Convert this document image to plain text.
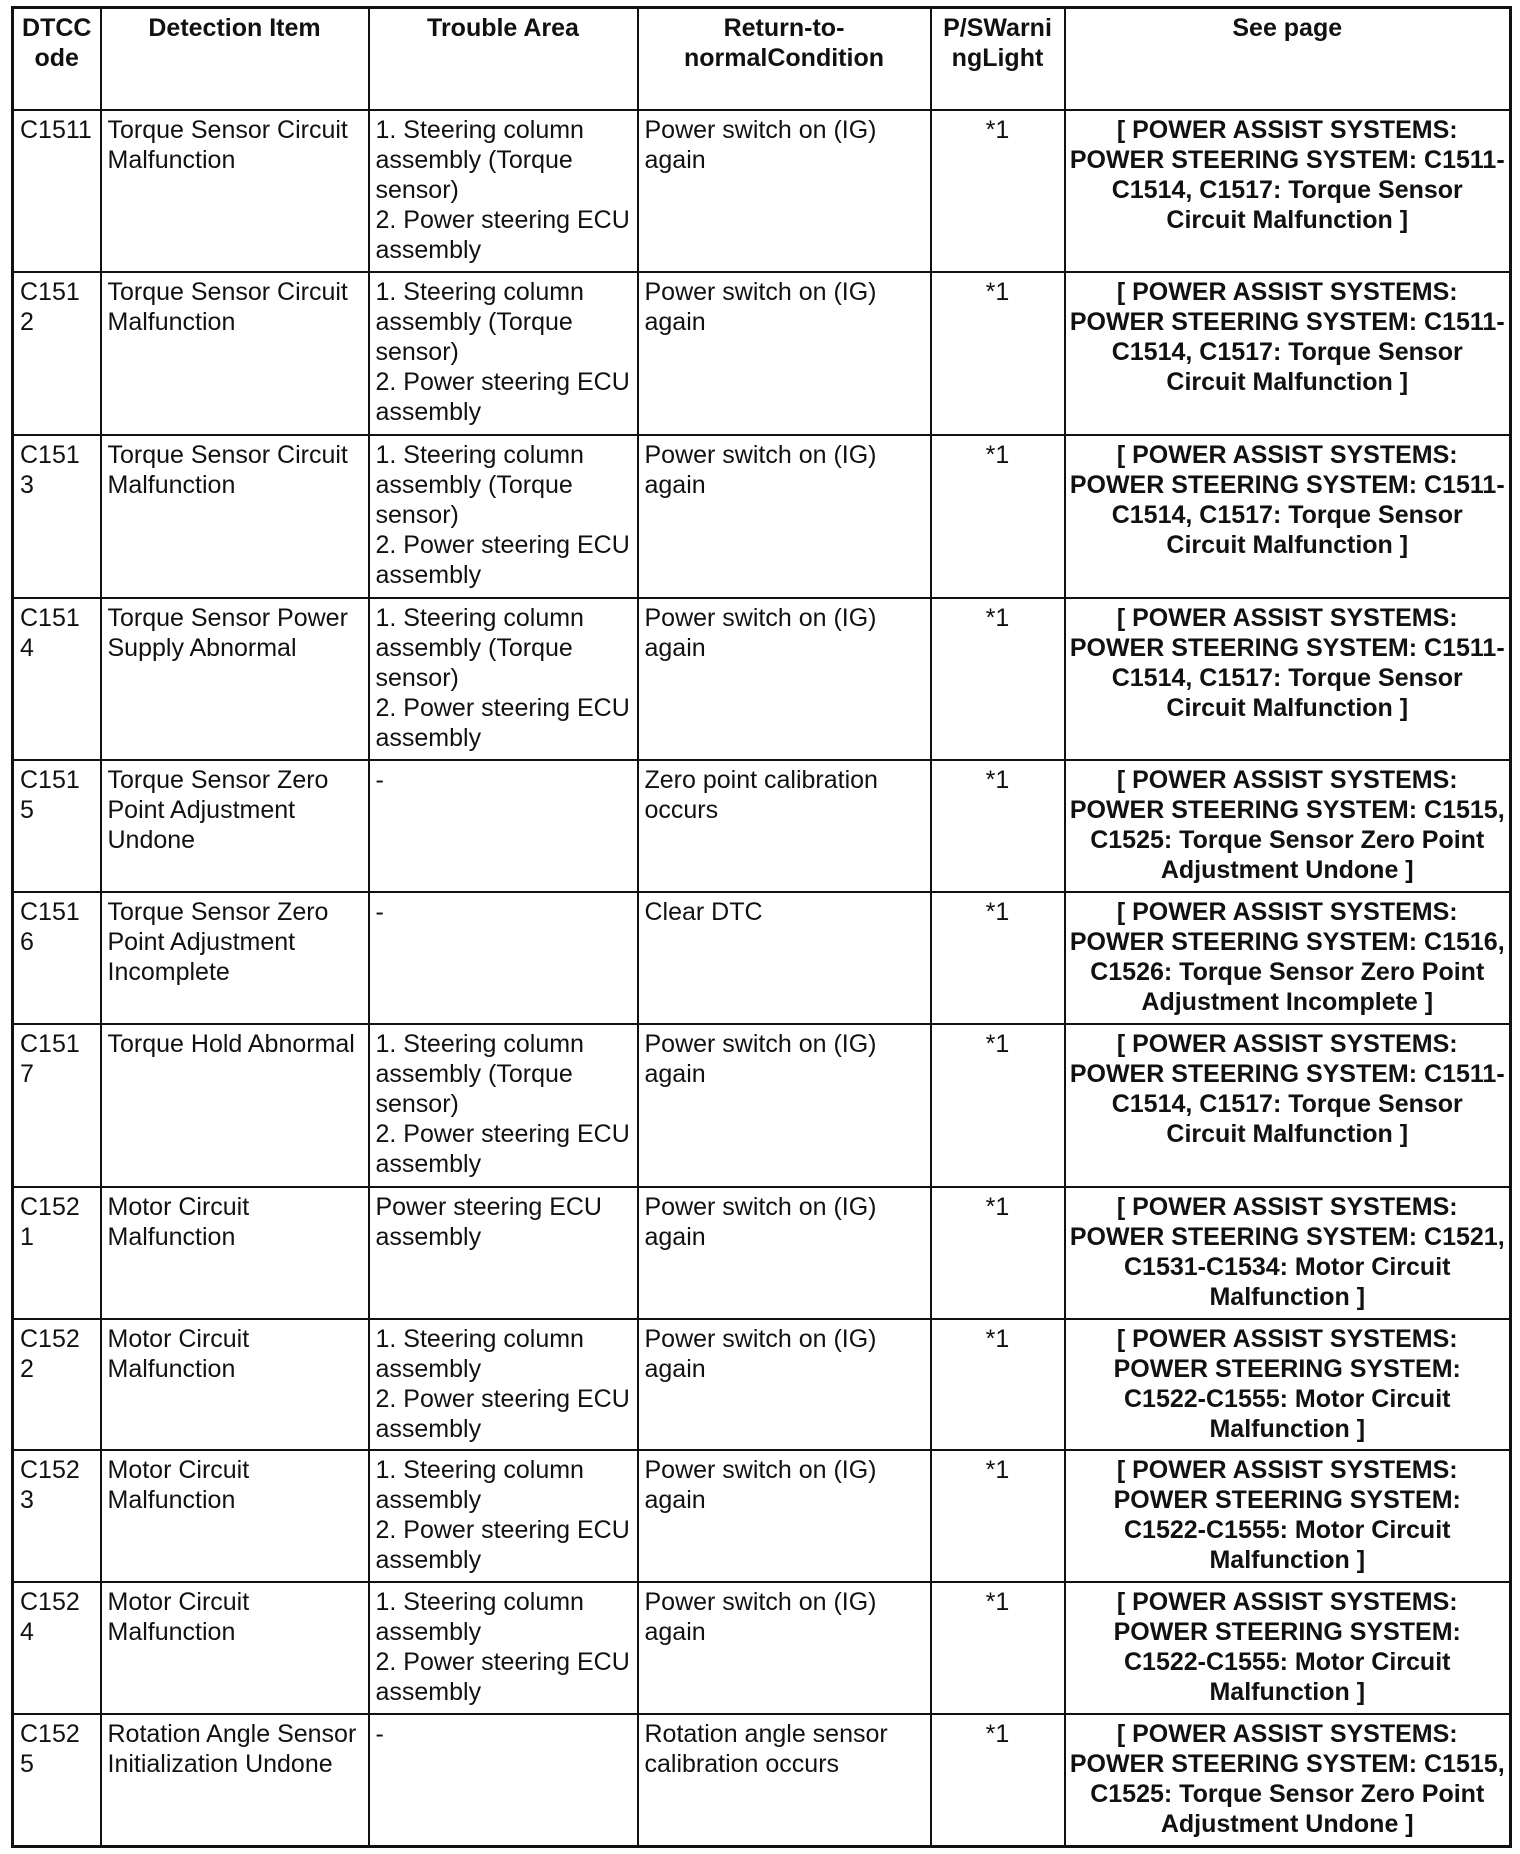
DTCCode	Detection Item	Trouble Area	Return-to-normalCondition	P/SWarningLight	See page
C1511	Torque Sensor Circuit Malfunction	1. Steering column assembly (Torque sensor)
2. Power steering ECU assembly	Power switch on (IG) again	*1	[ POWER ASSIST SYSTEMS: POWER STEERING SYSTEM: C1511-C1514, C1517: Torque Sensor Circuit Malfunction ]
C1512	Torque Sensor Circuit Malfunction	1. Steering column assembly (Torque sensor)
2. Power steering ECU assembly	Power switch on (IG) again	*1	[ POWER ASSIST SYSTEMS: POWER STEERING SYSTEM: C1511-C1514, C1517: Torque Sensor Circuit Malfunction ]
C1513	Torque Sensor Circuit Malfunction	1. Steering column assembly (Torque sensor)
2. Power steering ECU assembly	Power switch on (IG) again	*1	[ POWER ASSIST SYSTEMS: POWER STEERING SYSTEM: C1511-C1514, C1517: Torque Sensor Circuit Malfunction ]
C1514	Torque Sensor Power Supply Abnormal	1. Steering column assembly (Torque sensor)
2. Power steering ECU assembly	Power switch on (IG) again	*1	[ POWER ASSIST SYSTEMS: POWER STEERING SYSTEM: C1511-C1514, C1517: Torque Sensor Circuit Malfunction ]
C1515	Torque Sensor Zero Point Adjustment Undone	-	Zero point calibration occurs	*1	[ POWER ASSIST SYSTEMS: POWER STEERING SYSTEM: C1515, C1525: Torque Sensor Zero Point Adjustment Undone ]
C1516	Torque Sensor Zero Point Adjustment Incomplete	-	Clear DTC	*1	[ POWER ASSIST SYSTEMS: POWER STEERING SYSTEM: C1516, C1526: Torque Sensor Zero Point Adjustment Incomplete ]
C1517	Torque Hold Abnormal	1. Steering column assembly (Torque sensor)
2. Power steering ECU assembly	Power switch on (IG) again	*1	[ POWER ASSIST SYSTEMS: POWER STEERING SYSTEM: C1511-C1514, C1517: Torque Sensor Circuit Malfunction ]
C1521	Motor Circuit Malfunction	Power steering ECU assembly	Power switch on (IG) again	*1	[ POWER ASSIST SYSTEMS: POWER STEERING SYSTEM: C1521, C1531-C1534: Motor Circuit Malfunction ]
C1522	Motor Circuit Malfunction	1. Steering column assembly
2. Power steering ECU assembly	Power switch on (IG) again	*1	[ POWER ASSIST SYSTEMS: POWER STEERING SYSTEM: C1522-C1555: Motor Circuit Malfunction ]
C1523	Motor Circuit Malfunction	1. Steering column assembly
2. Power steering ECU assembly	Power switch on (IG) again	*1	[ POWER ASSIST SYSTEMS: POWER STEERING SYSTEM: C1522-C1555: Motor Circuit Malfunction ]
C1524	Motor Circuit Malfunction	1. Steering column assembly
2. Power steering ECU assembly	Power switch on (IG) again	*1	[ POWER ASSIST SYSTEMS: POWER STEERING SYSTEM: C1522-C1555: Motor Circuit Malfunction ]
C1525	Rotation Angle Sensor Initialization Undone	-	Rotation angle sensor calibration occurs	*1	[ POWER ASSIST SYSTEMS: POWER STEERING SYSTEM: C1515, C1525: Torque Sensor Zero Point Adjustment Undone ]
